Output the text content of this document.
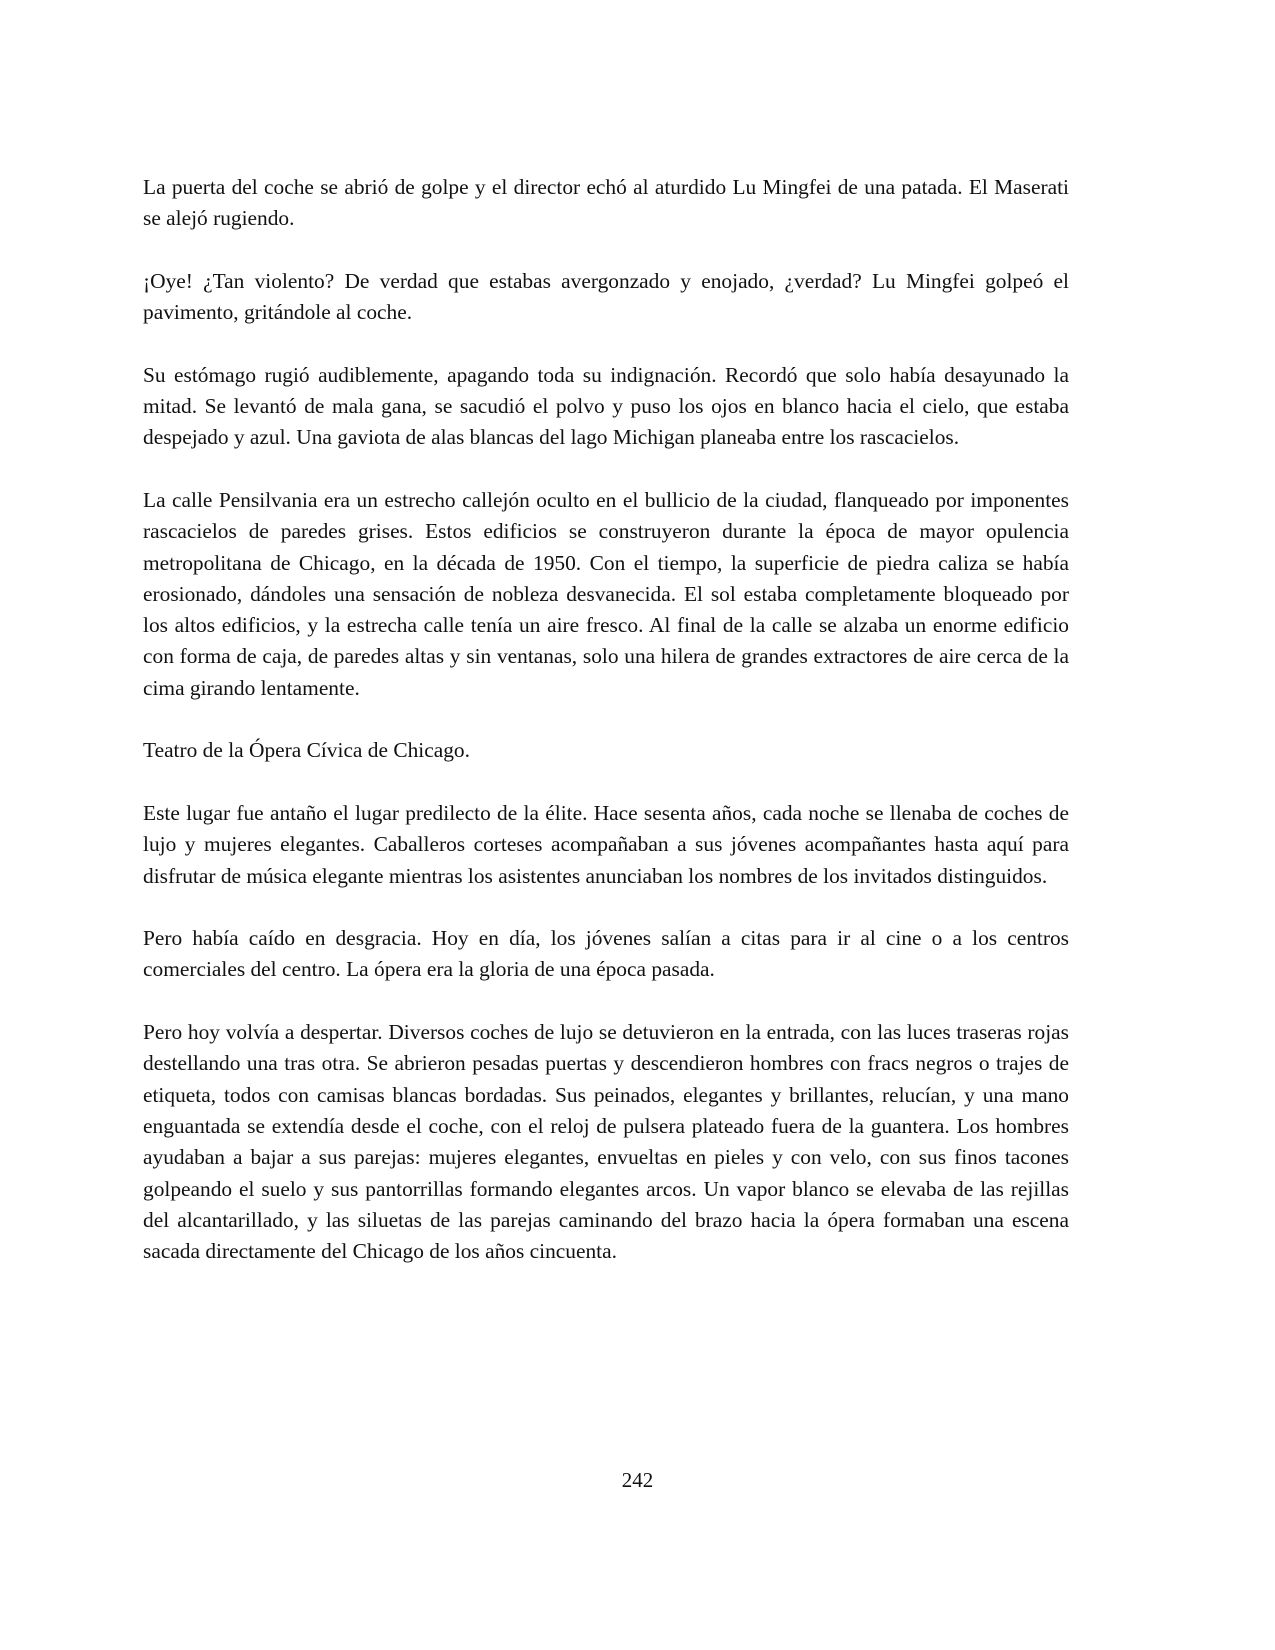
La puerta del coche se abrió de golpe y el director echó al aturdido Lu Mingfei de una patada. El Maserati se alejó rugiendo.

¡Oye! ¿Tan violento? De verdad que estabas avergonzado y enojado, ¿verdad? Lu Mingfei golpeó el pavimento, gritándole al coche.

Su estómago rugió audiblemente, apagando toda su indignación. Recordó que solo había desayunado la mitad. Se levantó de mala gana, se sacudió el polvo y puso los ojos en blanco hacia el cielo, que estaba despejado y azul. Una gaviota de alas blancas del lago Michigan planeaba entre los rascacielos.

La calle Pensilvania era un estrecho callejón oculto en el bullicio de la ciudad, flanqueado por imponentes rascacielos de paredes grises. Estos edificios se construyeron durante la época de mayor opulencia metropolitana de Chicago, en la década de 1950. Con el tiempo, la superficie de piedra caliza se había erosionado, dándoles una sensación de nobleza desvanecida. El sol estaba completamente bloqueado por los altos edificios, y la estrecha calle tenía un aire fresco. Al final de la calle se alzaba un enorme edificio con forma de caja, de paredes altas y sin ventanas, solo una hilera de grandes extractores de aire cerca de la cima girando lentamente.

Teatro de la Ópera Cívica de Chicago.

Este lugar fue antaño el lugar predilecto de la élite. Hace sesenta años, cada noche se llenaba de coches de lujo y mujeres elegantes. Caballeros corteses acompañaban a sus jóvenes acompañantes hasta aquí para disfrutar de música elegante mientras los asistentes anunciaban los nombres de los invitados distinguidos.

Pero había caído en desgracia. Hoy en día, los jóvenes salían a citas para ir al cine o a los centros comerciales del centro. La ópera era la gloria de una época pasada.

Pero hoy volvía a despertar. Diversos coches de lujo se detuvieron en la entrada, con las luces traseras rojas destellando una tras otra. Se abrieron pesadas puertas y descendieron hombres con fracs negros o trajes de etiqueta, todos con camisas blancas bordadas. Sus peinados, elegantes y brillantes, relucían, y una mano enguantada se extendía desde el coche, con el reloj de pulsera plateado fuera de la guantera. Los hombres ayudaban a bajar a sus parejas: mujeres elegantes, envueltas en pieles y con velo, con sus finos tacones golpeando el suelo y sus pantorrillas formando elegantes arcos. Un vapor blanco se elevaba de las rejillas del alcantarillado, y las siluetas de las parejas caminando del brazo hacia la ópera formaban una escena sacada directamente del Chicago de los años cincuenta.

242
